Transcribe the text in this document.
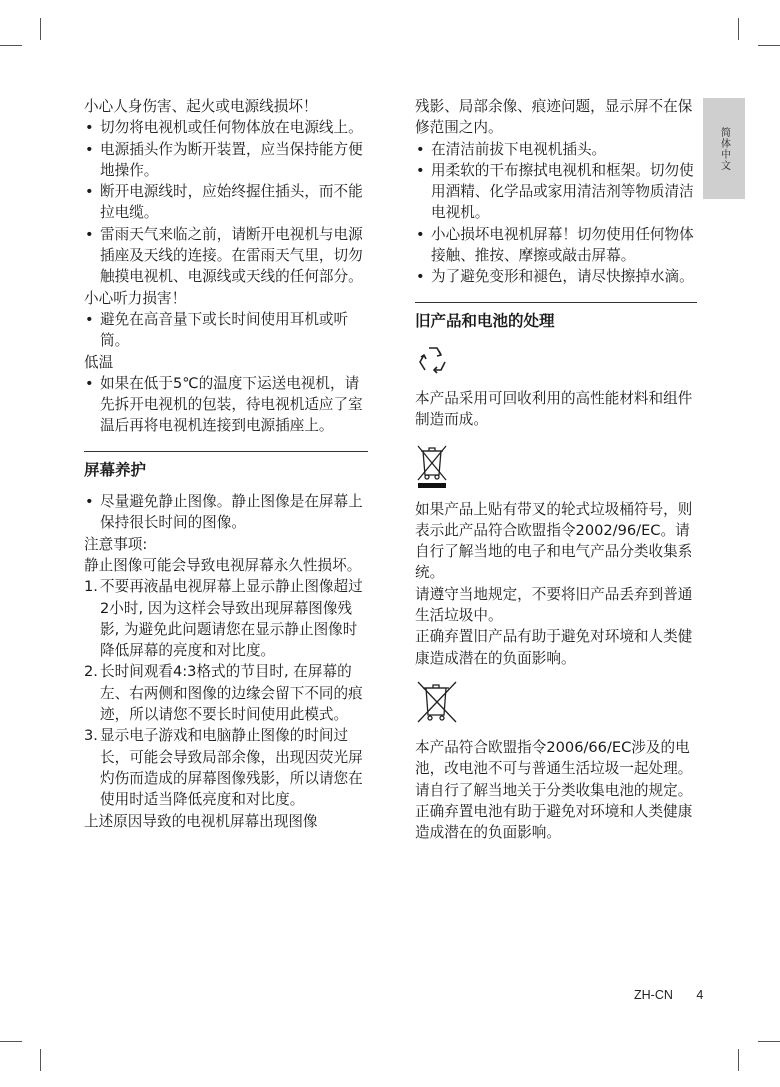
简体中文

小心人身伤害、起火或电源线损坏！

• 切勿将电视机或任何物体放在电源线上。
• 电源插头作为断开装置，应当保持能方便地操作。
• 断开电源线时，应始终握住插头，而不能拉电缆。
• 雷雨天气来临之前，请断开电视机与电源插座及天线的连接。在雷雨天气里，切勿触摸电视机、电源线或天线的任何部分。

小心听力损害！

• 避免在高音量下或长时间使用耳机或听筒。

低温

• 如果在低于5℃的温度下运送电视机，请先拆开电视机的包装，待电视机适应了室温后再将电视机连接到电源插座上。

屏幕养护

• 尽量避免静止图像。静止图像是在屏幕上保持很长时间的图像。

注意事项:

静止图像可能会导致电视屏幕永久性损坏。

1. 不要再液晶电视屏幕上显示静止图像超过2小时, 因为这样会导致出现屏幕图像残影, 为避免此问题请您在显示静止图像时降低屏幕的亮度和对比度。
2. 长时间观看4:3格式的节目时, 在屏幕的左、右两侧和图像的边缘会留下不同的痕迹，所以请您不要长时间使用此模式。
3. 显示电子游戏和电脑静止图像的时间过长，可能会导致局部余像，出现因荧光屏灼伤而造成的屏幕图像残影，所以请您在使用时适当降低亮度和对比度。

上述原因导致的电视机屏幕出现图像

残影、局部余像、痕迹问题，显示屏不在保修范围之内。

• 在清洁前拔下电视机插头。
• 用柔软的干布擦拭电视机和框架。切勿使用酒精、化学品或家用清洁剂等物质清洁电视机。
• 小心损坏电视机屏幕！切勿使用任何物体接触、推按、摩擦或敲击屏幕。
• 为了避免变形和褪色，请尽快擦掉水滴。

旧产品和电池的处理

本产品采用可回收利用的高性能材料和组件制造而成。

如果产品上贴有带叉的轮式垃圾桶符号，则表示此产品符合欧盟指令2002/96/EC。请自行了解当地的电子和电气产品分类收集系统。

请遵守当地规定，不要将旧产品丢弃到普通生活垃圾中。

正确弃置旧产品有助于避免对环境和人类健康造成潜在的负面影响。

本产品符合欧盟指令2006/66/EC涉及的电池，改电池不可与普通生活垃圾一起处理。

请自行了解当地关于分类收集电池的规定。正确弃置电池有助于避免对环境和人类健康造成潜在的负面影响。

ZH-CN 4
